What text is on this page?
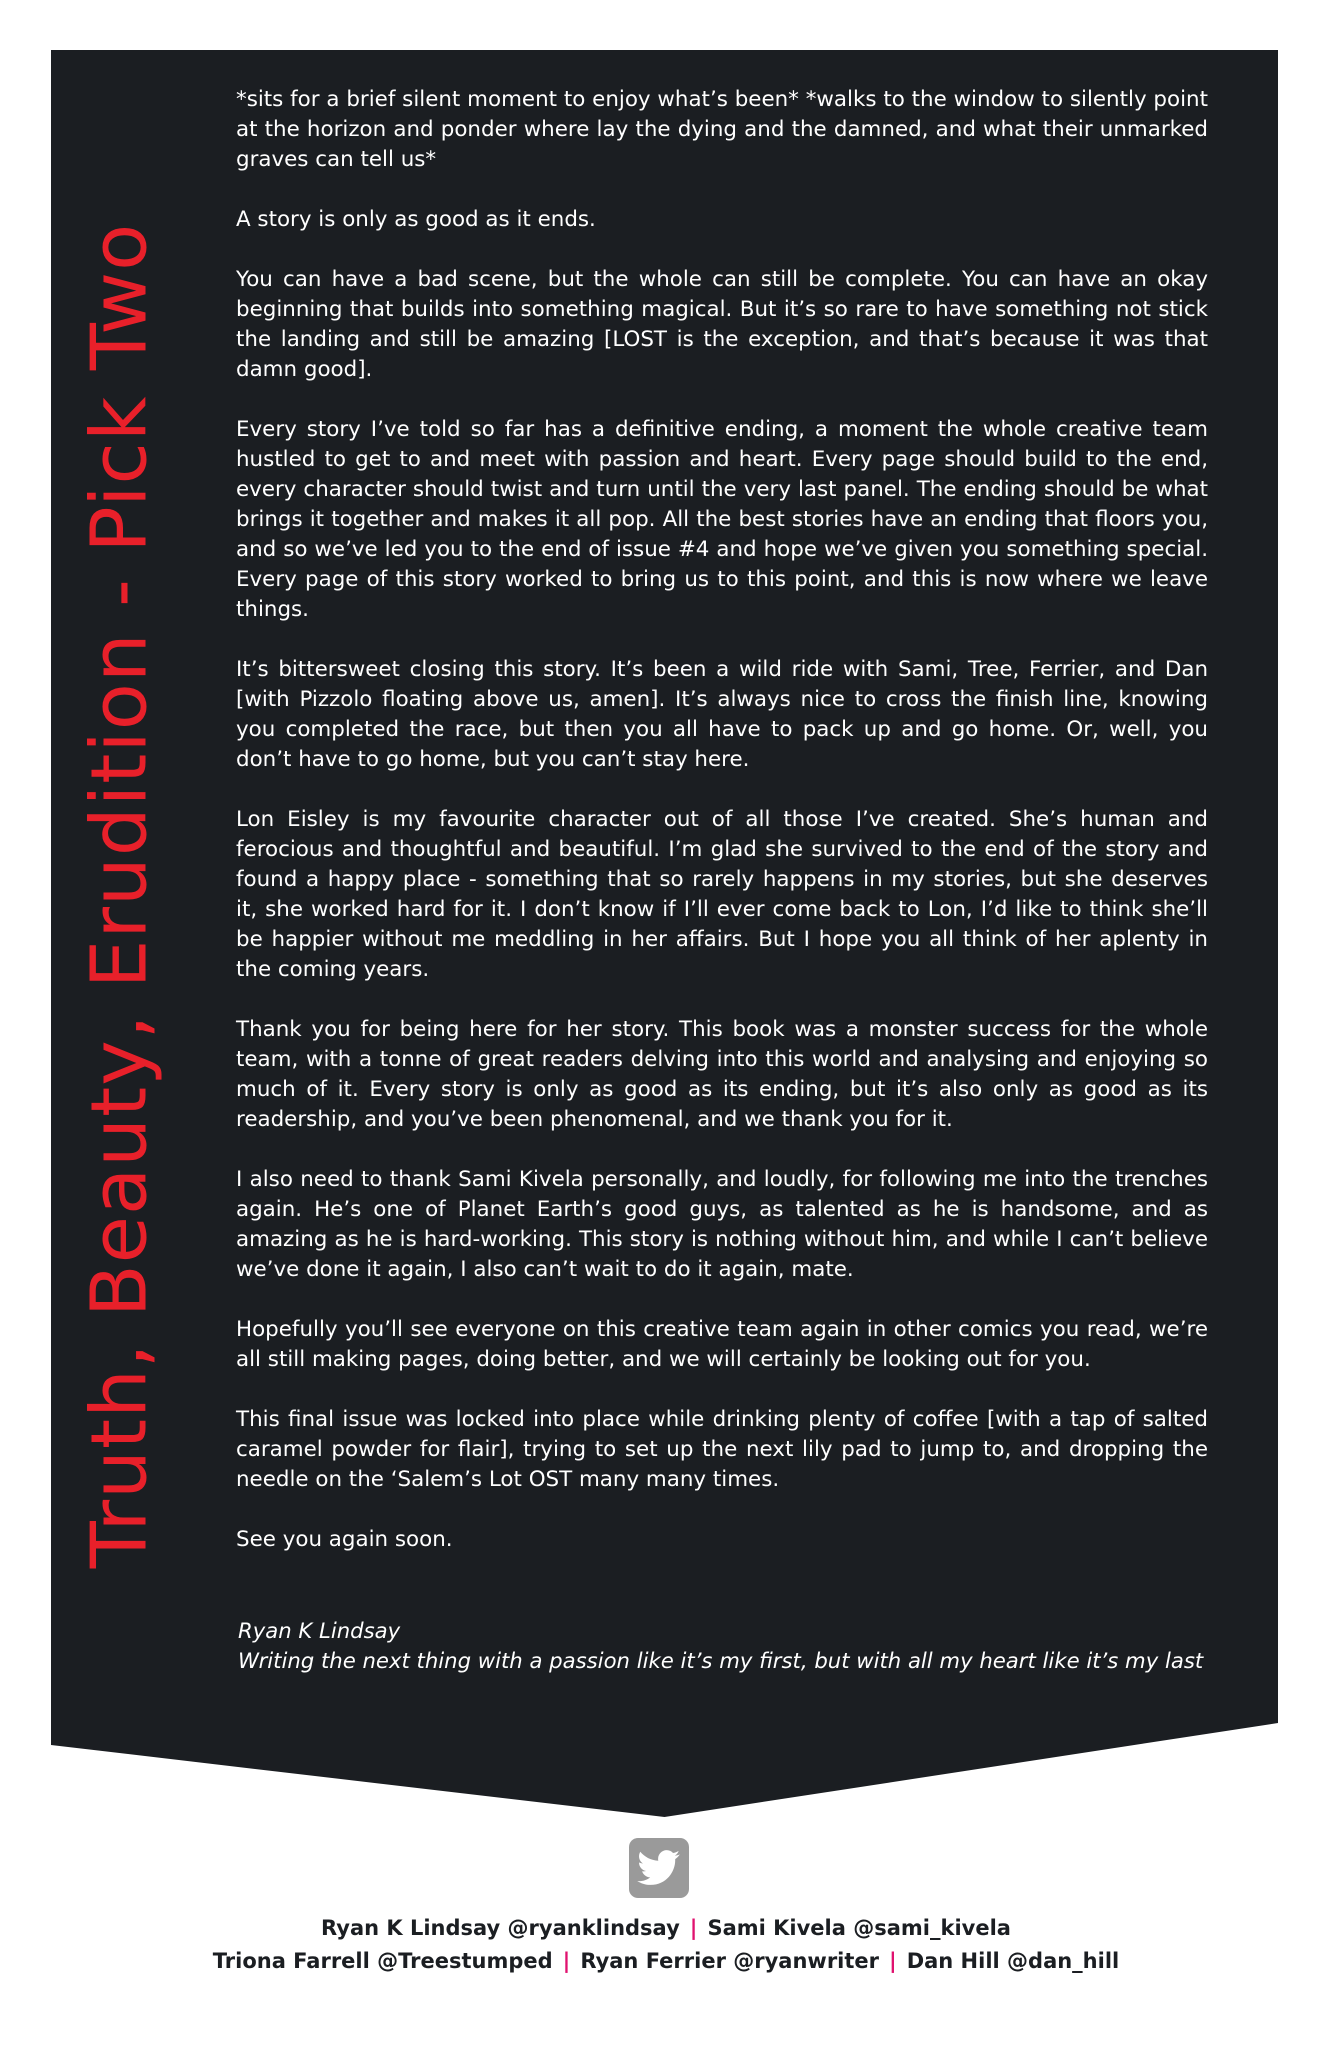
Truth, Beauty, Erudition - Pick Two

*sits for a brief silent moment to enjoy what’s been* *walks to the window to silently point at the horizon and ponder where lay the dying and the damned, and what their unmarked graves can tell us*

A story is only as good as it ends.

You can have a bad scene, but the whole can still be complete. You can have an okay beginning that builds into something magical. But it’s so rare to have something not stick the landing and still be amazing [LOST is the exception, and that’s because it was that damn good].

Every story I’ve told so far has a definitive ending, a moment the whole creative team hustled to get to and meet with passion and heart. Every page should build to the end, every character should twist and turn until the very last panel. The ending should be what brings it together and makes it all pop. All the best stories have an ending that floors you, and so we’ve led you to the end of issue #4 and hope we’ve given you something special. Every page of this story worked to bring us to this point, and this is now where we leave things.

It’s bittersweet closing this story. It’s been a wild ride with Sami, Tree, Ferrier, and Dan [with Pizzolo floating above us, amen]. It’s always nice to cross the finish line, knowing you completed the race, but then you all have to pack up and go home. Or, well, you don’t have to go home, but you can’t stay here.

Lon Eisley is my favourite character out of all those I’ve created. She’s human and ferocious and thoughtful and beautiful. I’m glad she survived to the end of the story and found a happy place - something that so rarely happens in my stories, but she deserves it, she worked hard for it. I don’t know if I’ll ever come back to Lon, I’d like to think she’ll be happier without me meddling in her affairs. But I hope you all think of her aplenty in the coming years.

Thank you for being here for her story. This book was a monster success for the whole team, with a tonne of great readers delving into this world and analysing and enjoying so much of it. Every story is only as good as its ending, but it’s also only as good as its readership, and you’ve been phenomenal, and we thank you for it.

I also need to thank Sami Kivela personally, and loudly, for following me into the trenches again. He’s one of Planet Earth’s good guys, as talented as he is handsome, and as amazing as he is hard-working. This story is nothing without him, and while I can’t believe we’ve done it again, I also can’t wait to do it again, mate.

Hopefully you’ll see everyone on this creative team again in other comics you read, we’re all still making pages, doing better, and we will certainly be looking out for you.

This final issue was locked into place while drinking plenty of coffee [with a tap of salted caramel powder for flair], trying to set up the next lily pad to jump to, and dropping the needle on the ‘Salem’s Lot OST many many times.

See you again soon.

Ryan K Lindsay
Writing the next thing with a passion like it’s my first, but with all my heart like it’s my last
Ryan K Lindsay @ryanklindsay | Sami Kivela @sami_kivela
Triona Farrell @Treestumped | Ryan Ferrier @ryanwriter | Dan Hill @dan_hill
